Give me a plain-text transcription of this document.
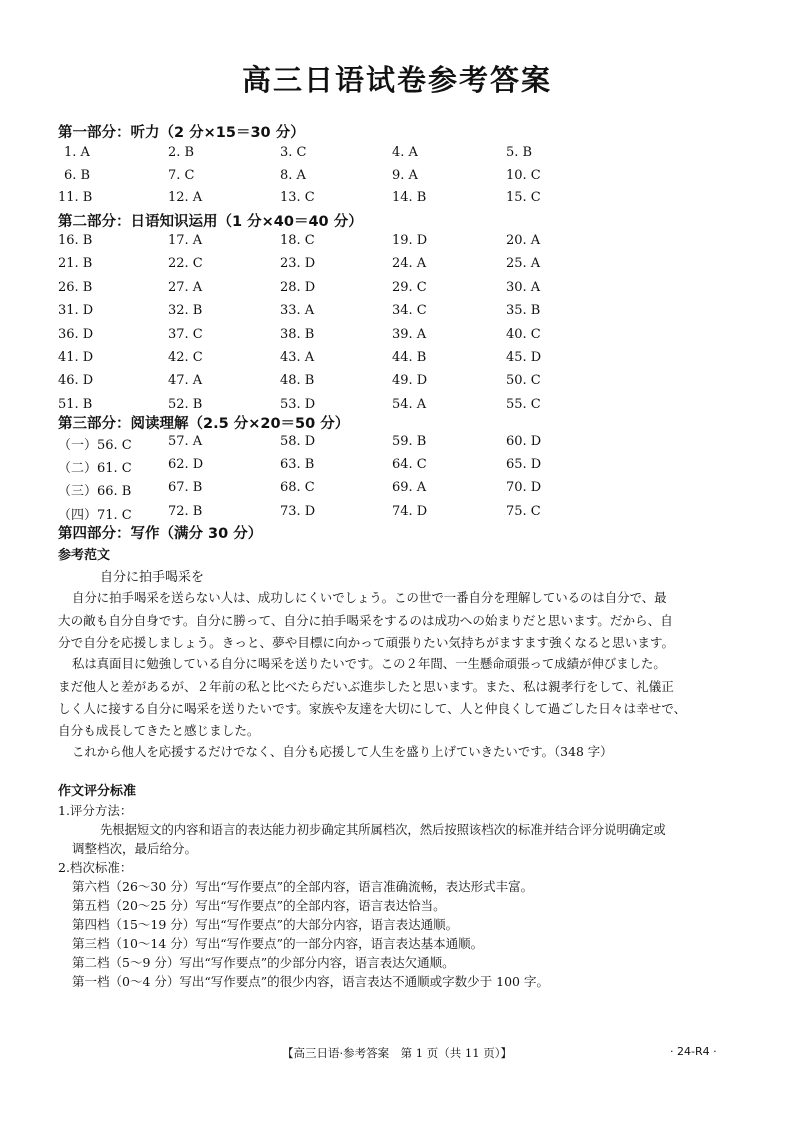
高三日语试卷参考答案
第一部分：听力（2 分×15＝30 分）
1. A	2. B	3. C	4. A	5. B
6. B	7. C	8. A	9. A	10. C
11. B	12. A	13. C	14. B	15. C
第二部分：日语知识运用（1 分×40＝40 分）
16. B	17. A	18. C	19. D	20. A
21. B	22. C	23. D	24. A	25. A
26. B	27. A	28. D	29. C	30. A
31. D	32. B	33. A	34. C	35. B
36. D	37. C	38. B	39. A	40. C
41. D	42. C	43. A	44. B	45. D
46. D	47. A	48. B	49. D	50. C
51. B	52. B	53. D	54. A	55. C
第三部分：阅读理解（2.5 分×20＝50 分）
（一）56. C	57. A	58. D	59. B	60. D
（二）61. C	62. D	63. B	64. C	65. D
（三）66. B	67. B	68. C	69. A	70. D
（四）71. C	72. B	73. D	74. D	75. C
第四部分：写作（满分 30 分）
参考范文
自分に拍手喝采を
自分に拍手喝采を送らない人は、成功しにくいでしょう。この世で一番自分を理解しているのは自分で、最
大の敵も自分自身です。自分に勝って、自分に拍手喝采をするのは成功への始まりだと思います。だから、自
分で自分を応援しましょう。きっと、夢や目標に向かって頑張りたい気持ちがますます強くなると思います。
私は真面目に勉強している自分に喝采を送りたいです。この２年間、一生懸命頑張って成績が伸びました。
まだ他人と差があるが、２年前の私と比べたらだいぶ進歩したと思います。また、私は親孝行をして、礼儀正
しく人に接する自分に喝采を送りたいです。家族や友達を大切にして、人と仲良くして過ごした日々は幸せで、
自分も成長してきたと感じました。
これから他人を応援するだけでなく、自分も応援して人生を盛り上げていきたいです。（348 字）
作文评分标准
1.评分方法：
先根据短文的内容和语言的表达能力初步确定其所属档次，然后按照该档次的标准并结合评分说明确定或
调整档次，最后给分。
2.档次标准：
第六档（26～30 分）写出“写作要点”的全部内容，语言准确流畅，表达形式丰富。
第五档（20～25 分）写出“写作要点”的全部内容，语言表达恰当。
第四档（15～19 分）写出“写作要点”的大部分内容，语言表达通顺。
第三档（10～14 分）写出“写作要点”的一部分内容，语言表达基本通顺。
第二档（5～9 分）写出“写作要点”的少部分内容，语言表达欠通顺。
第一档（0～4 分）写出“写作要点”的很少内容，语言表达不通顺或字数少于 100 字。
【高三日语·参考答案　第 1 页（共 11 页）】	· 24-R4 ·
